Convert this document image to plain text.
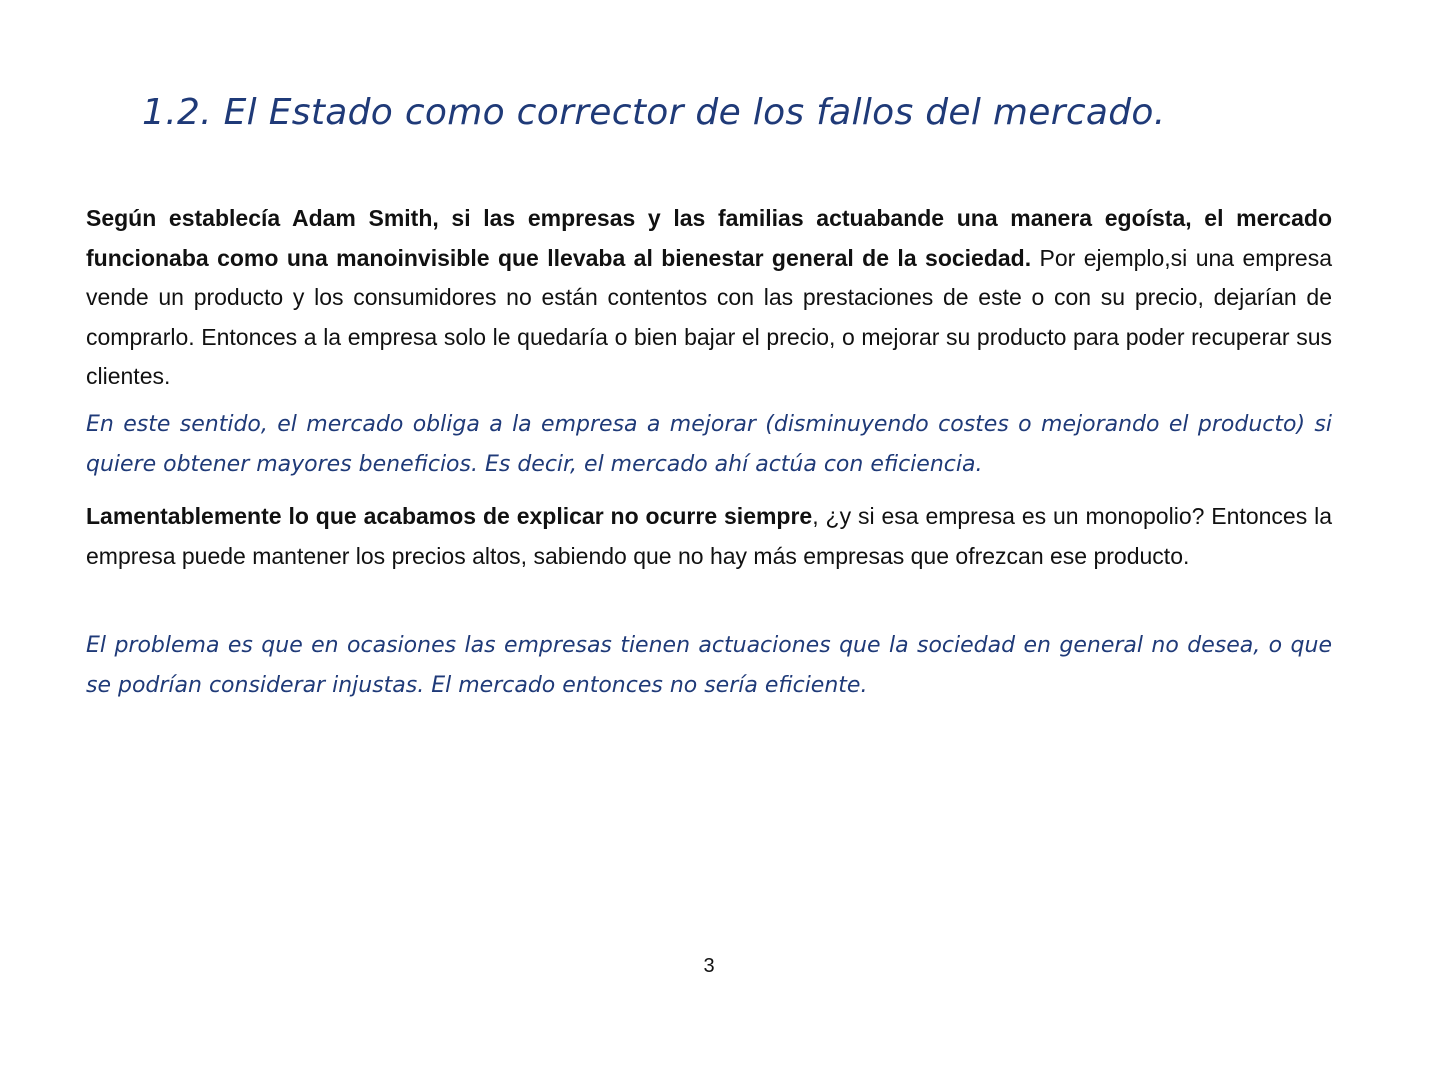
1.2. El Estado como corrector de los fallos del mercado.

Según establecía Adam Smith, si las empresas y las familias actuabande una manera egoísta, el mercado funcionaba como una manoinvisible que llevaba al bienestar general de la sociedad. Por ejemplo,si una empresa vende un producto y los consumidores no están contentos con las prestaciones de este o con su precio, dejarían de comprarlo. Entonces a la empresa solo le quedaría o bien bajar el precio, o mejorar su producto para poder recuperar sus clientes.

En este sentido, el mercado obliga a la empresa a mejorar (disminuyendo costes o mejorando el producto) si quiere obtener mayores beneficios. Es decir, el mercado ahí actúa con eficiencia.

Lamentablemente lo que acabamos de explicar no ocurre siempre, ¿y si esa empresa es un monopolio? Entonces la empresa puede mantener los precios altos, sabiendo que no hay más empresas que ofrezcan ese producto.

El problema es que en ocasiones las empresas tienen actuaciones que la sociedad en general no desea, o que se podrían considerar injustas. El mercado entonces no sería eficiente.

3
